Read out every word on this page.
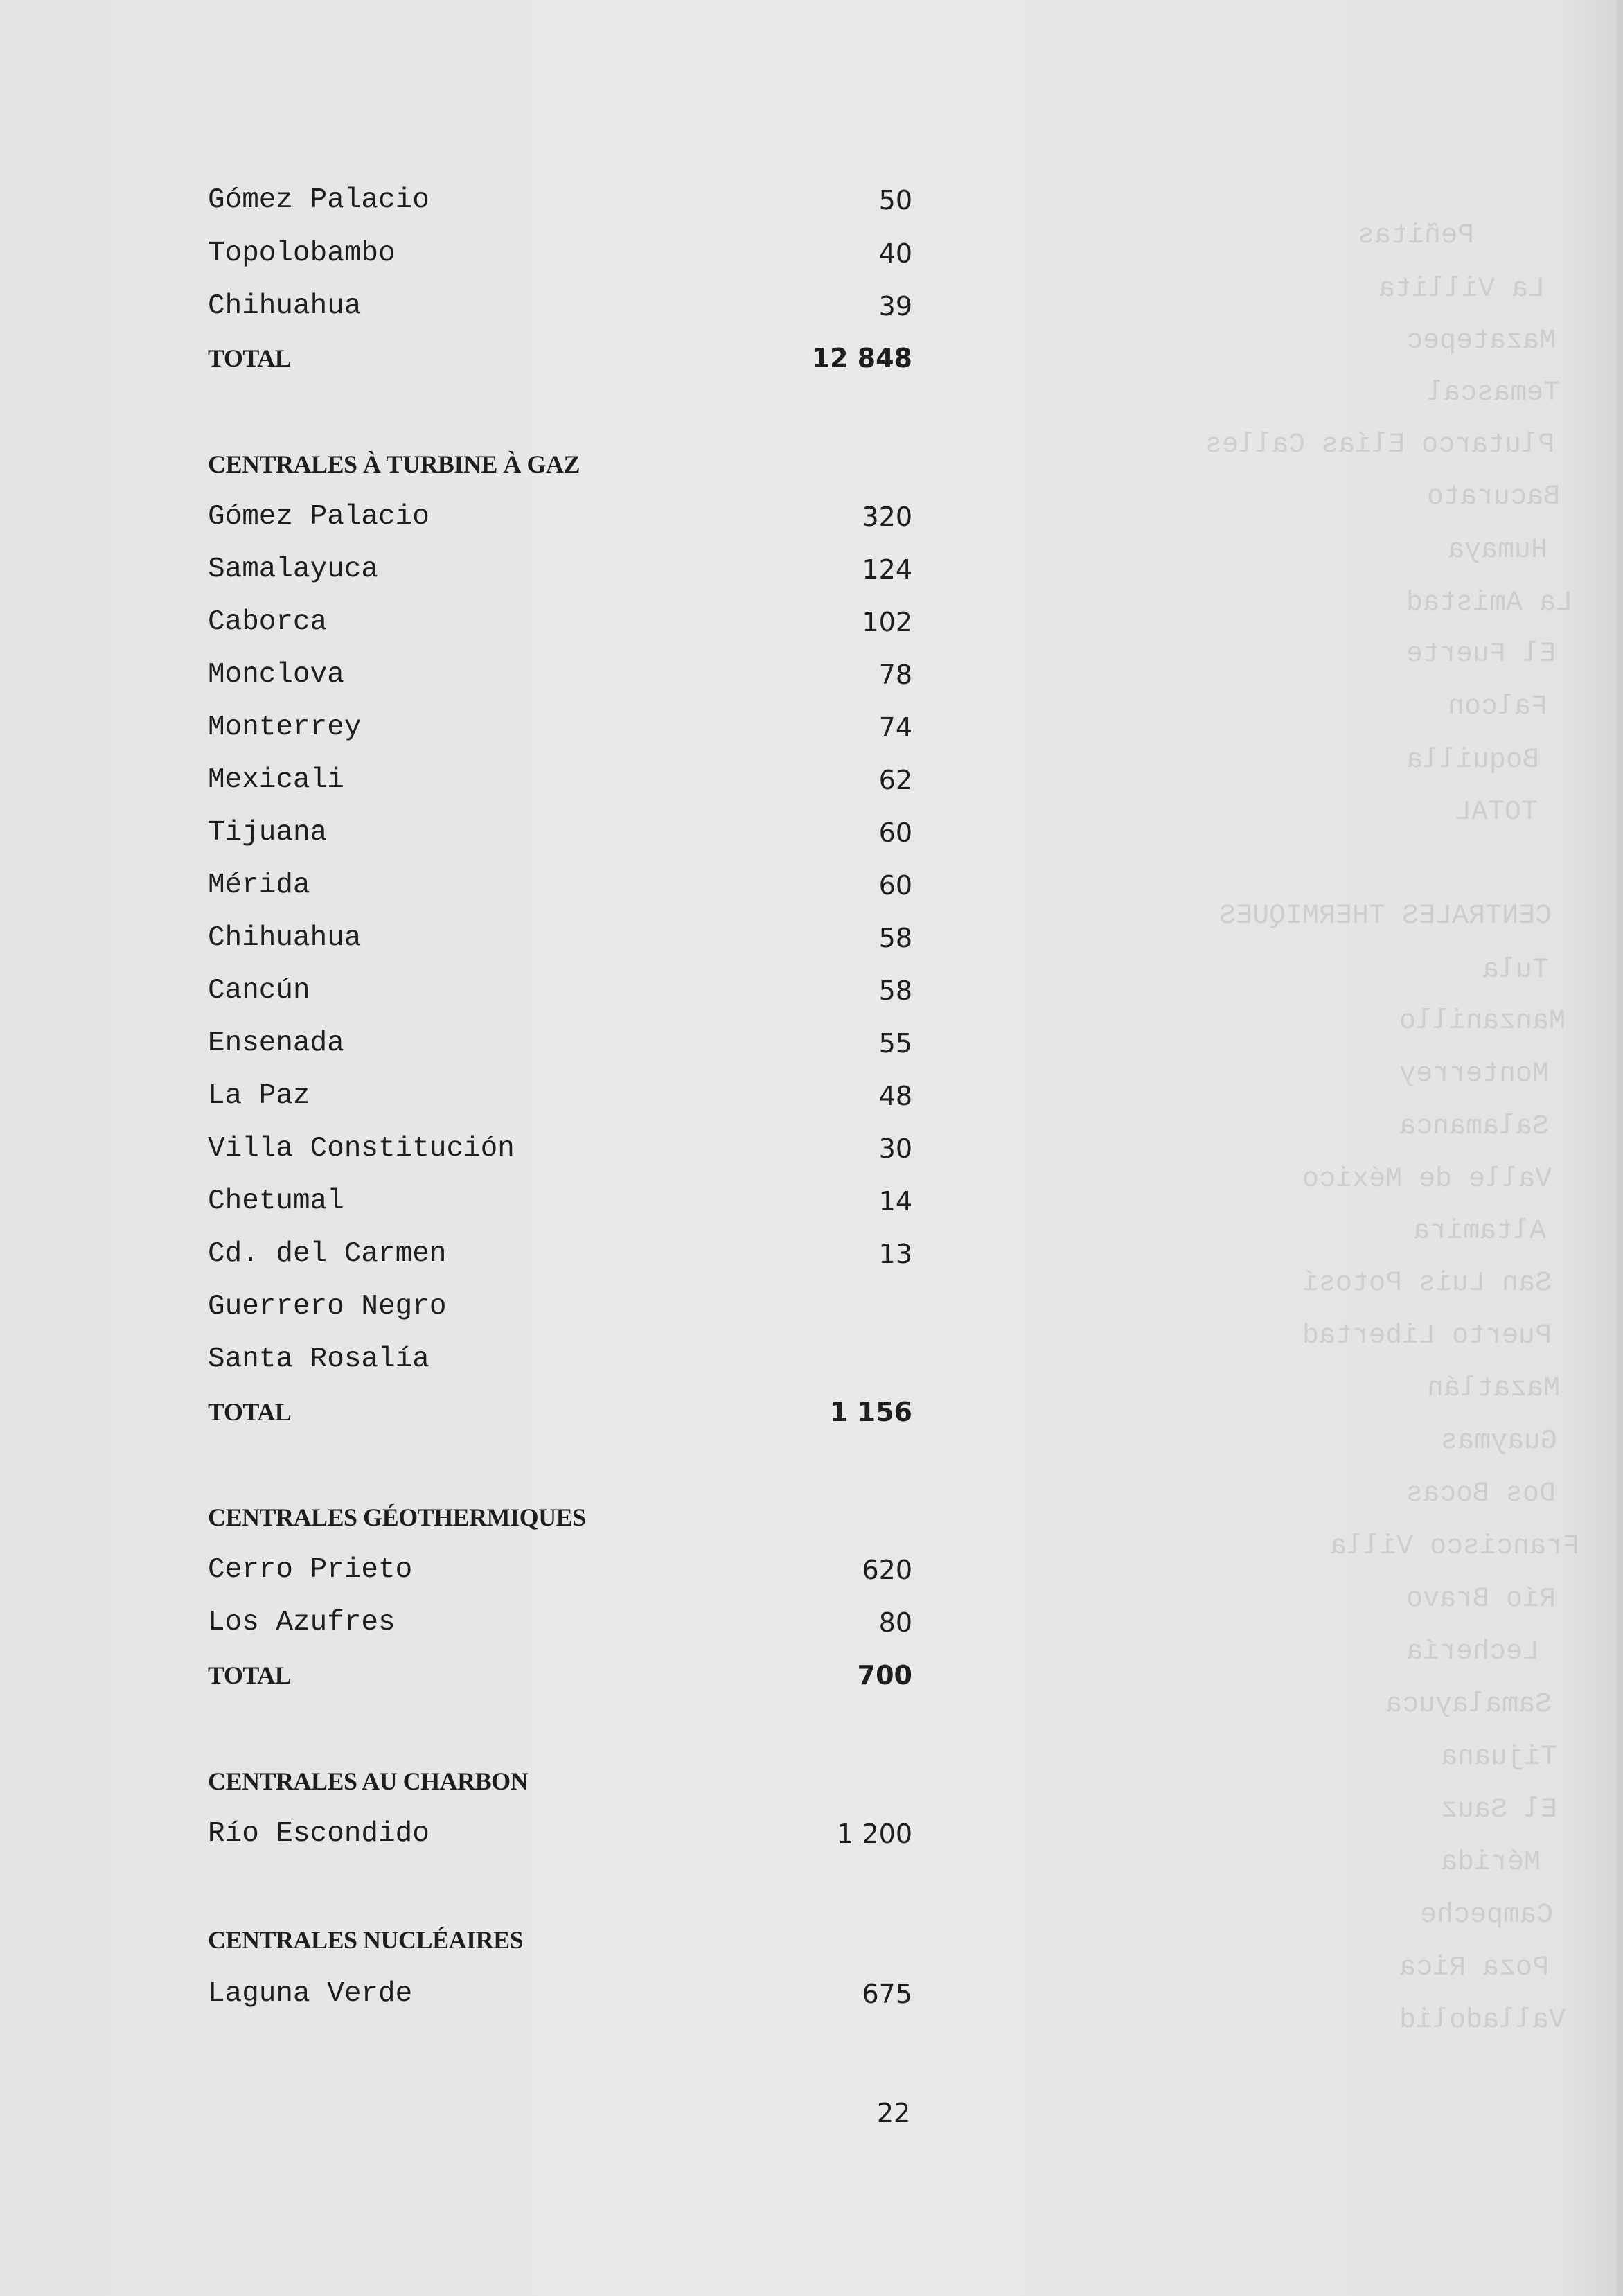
Gómez Palacio	50
Topolobambo	40
Chihuahua	39
TOTAL	12 848
CENTRALES À TURBINE À GAZ
Gómez Palacio	320
Samalayuca	124
Caborca	102
Monclova	78
Monterrey	74
Mexicali	62
Tijuana	60
Mérida	60
Chihuahua	58
Cancún	58
Ensenada	55
La Paz	48
Villa Constitución	30
Chetumal	14
Cd. del Carmen	13
Guerrero Negro
Santa Rosalía
TOTAL	1 156
CENTRALES GÉOTHERMIQUES
Cerro Prieto	620
Los Azufres	80
TOTAL	700
CENTRALES AU CHARBON
Río Escondido	1 200
CENTRALES NUCLÉAIRES
Laguna Verde	675
22
